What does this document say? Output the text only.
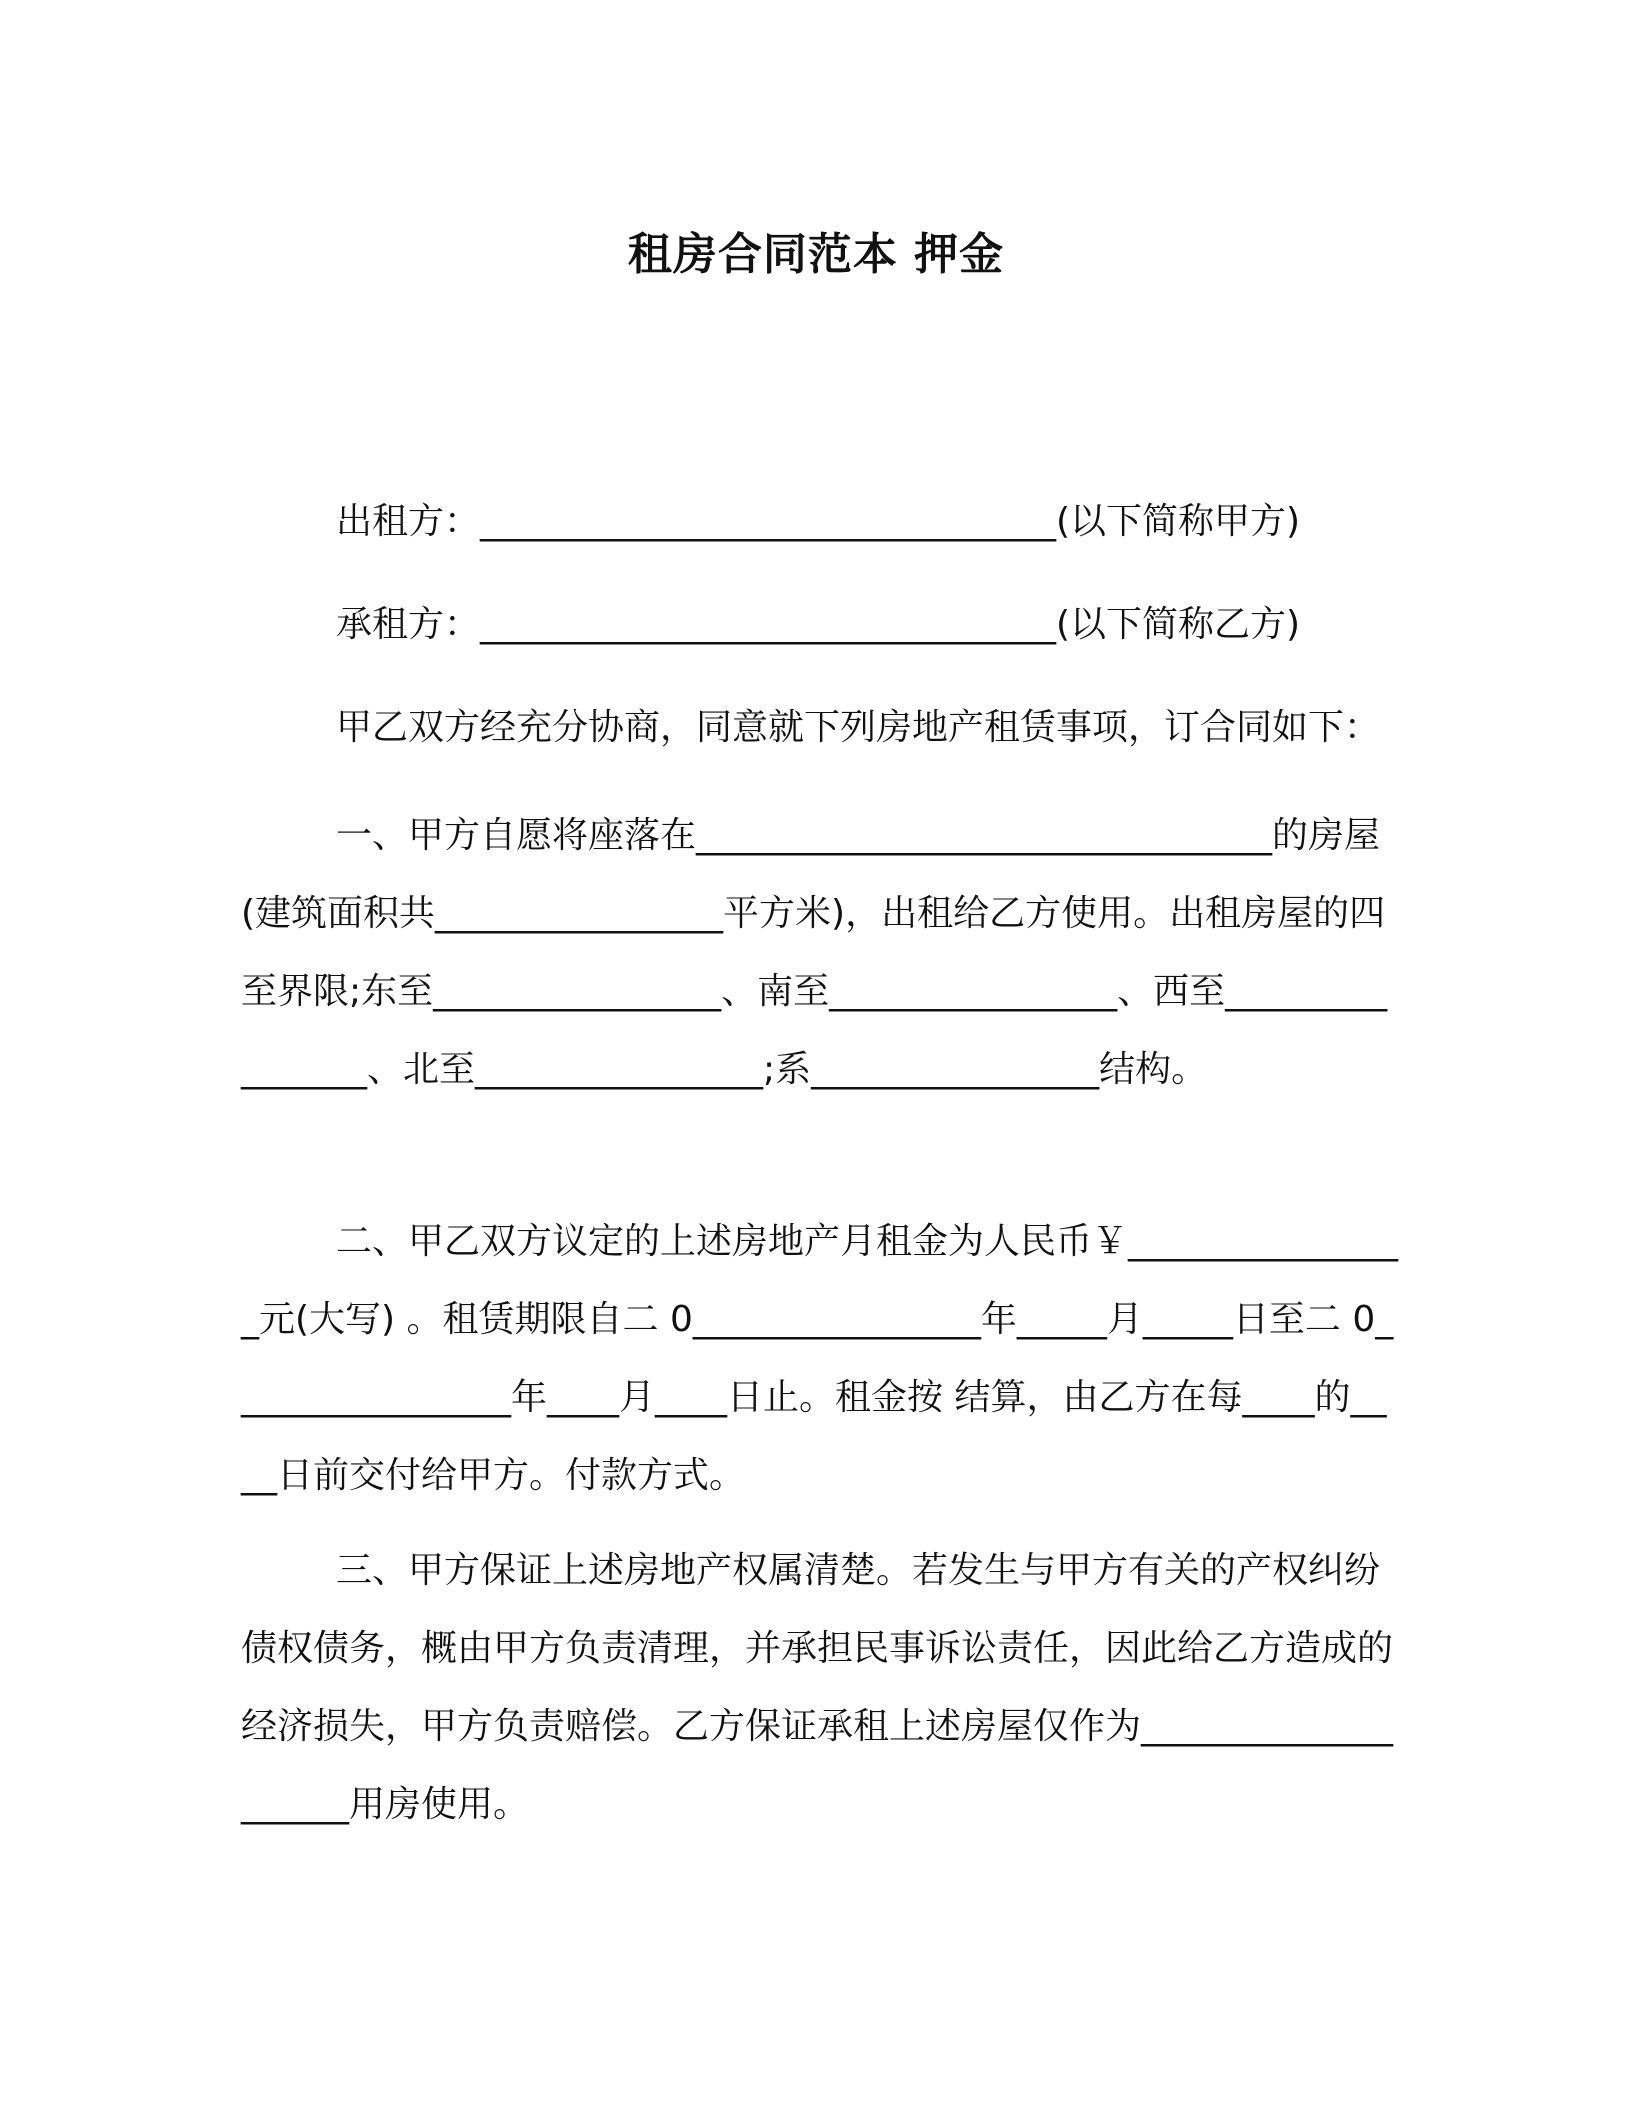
租房合同范本 押金
出租方：________________________________(以下简称甲方)
承租方：________________________________(以下简称乙方)
甲乙双方经充分协商，同意就下列房地产租赁事项，订合同如下：
一、甲方自愿将座落在________________________________的房屋(建筑面积共________________平方米)，出租给乙方使用。出租房屋的四至界限;东至________________、南至________________、西至________________、北至________________;系________________结构。
二、甲乙双方议定的上述房地产月租金为人民币￥________________元(大写) 。租赁期限自二 0________________年_____月_____日至二 0________________年____月____日止。租金按 结算，由乙方在每____的____日前交付给甲方。付款方式。
三、甲方保证上述房地产权属清楚。若发生与甲方有关的产权纠纷债权债务，概由甲方负责清理，并承担民事诉讼责任，因此给乙方造成的经济损失，甲方负责赔偿。乙方保证承租上述房屋仅作为____________________用房使用。
